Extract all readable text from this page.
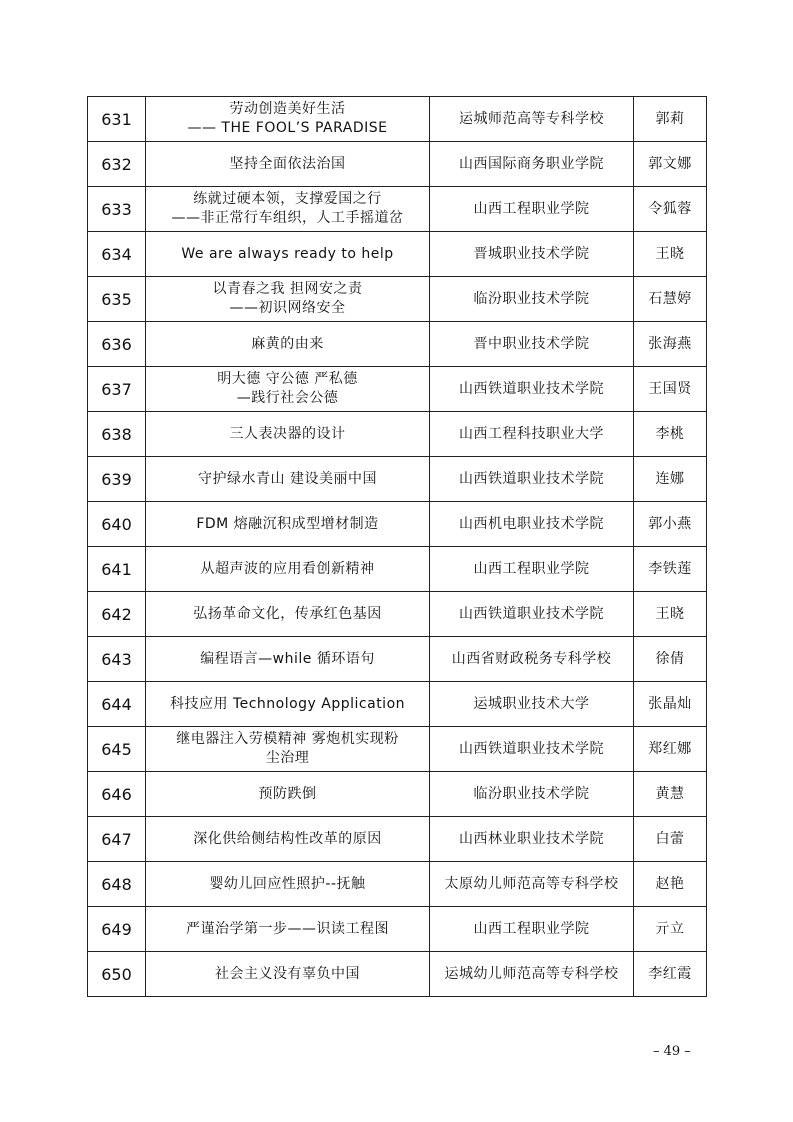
631	劳动创造美好生活
—— THE FOOL’S PARADISE	运城师范高等专科学校	郭莉
632	坚持全面依法治国	山西国际商务职业学院	郭文娜
633	练就过硬本领，支撑爱国之行
——非正常行车组织，人工手摇道岔	山西工程职业学院	令狐蓉
634	We are always ready to help	晋城职业技术学院	王晓
635	以青春之我 担网安之责
——初识网络安全	临汾职业技术学院	石慧婷
636	麻黄的由来	晋中职业技术学院	张海燕
637	明大德 守公德 严私德
—践行社会公德	山西铁道职业技术学院	王国贤
638	三人表决器的设计	山西工程科技职业大学	李桃
639	守护绿水青山 建设美丽中国	山西铁道职业技术学院	连娜
640	FDM 熔融沉积成型增材制造	山西机电职业技术学院	郭小燕
641	从超声波的应用看创新精神	山西工程职业学院	李铁莲
642	弘扬革命文化，传承红色基因	山西铁道职业技术学院	王晓
643	编程语言—while 循环语句	山西省财政税务专科学校	徐倩
644	科技应用 Technology Application	运城职业技术大学	张晶灿
645	继电器注入劳模精神 雾炮机实现粉
尘治理	山西铁道职业技术学院	郑红娜
646	预防跌倒	临汾职业技术学院	黄慧
647	深化供给侧结构性改革的原因	山西林业职业技术学院	白蕾
648	婴幼儿回应性照护--抚触	太原幼儿师范高等专科学校	赵艳
649	严谨治学第一步——识读工程图	山西工程职业学院	亓立
650	社会主义没有辜负中国	运城幼儿师范高等专科学校	李红霞
– 49 –
